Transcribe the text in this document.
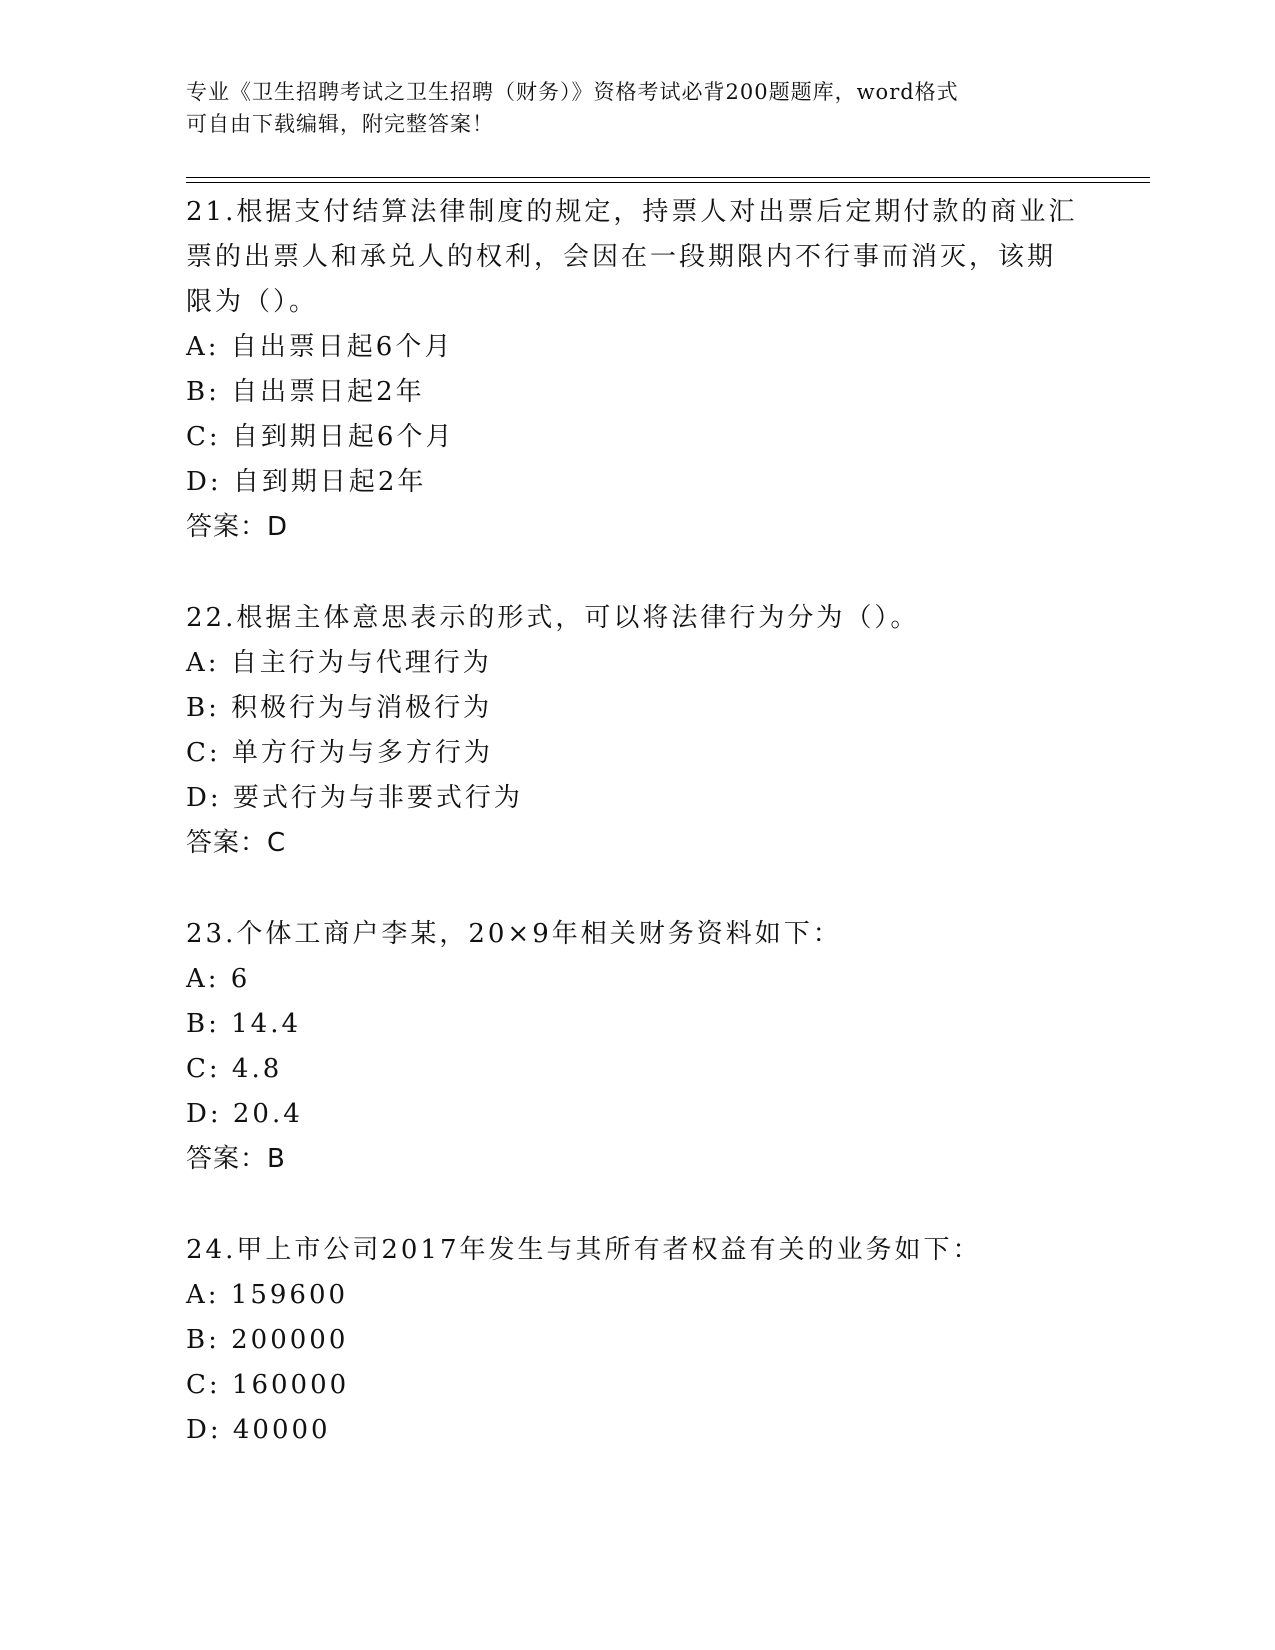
专业《卫生招聘考试之卫生招聘（财务）》资格考试必背200题题库，word格式

可自由下载编辑，附完整答案！

21.根据支付结算法律制度的规定，持票人对出票后定期付款的商业汇

票的出票人和承兑人的权利，会因在一段期限内不行事而消灭，该期

限为（）。

A: 自出票日起6个月

B: 自出票日起2年

C: 自到期日起6个月

D: 自到期日起2年

答案：D

22.根据主体意思表示的形式，可以将法律行为分为（）。

A: 自主行为与代理行为

B: 积极行为与消极行为

C: 单方行为与多方行为

D: 要式行为与非要式行为

答案：C

23.个体工商户李某，20×9年相关财务资料如下：

A: 6

B: 14.4

C: 4.8

D: 20.4

答案：B

24.甲上市公司2017年发生与其所有者权益有关的业务如下：

A: 159600

B: 200000

C: 160000

D: 40000
